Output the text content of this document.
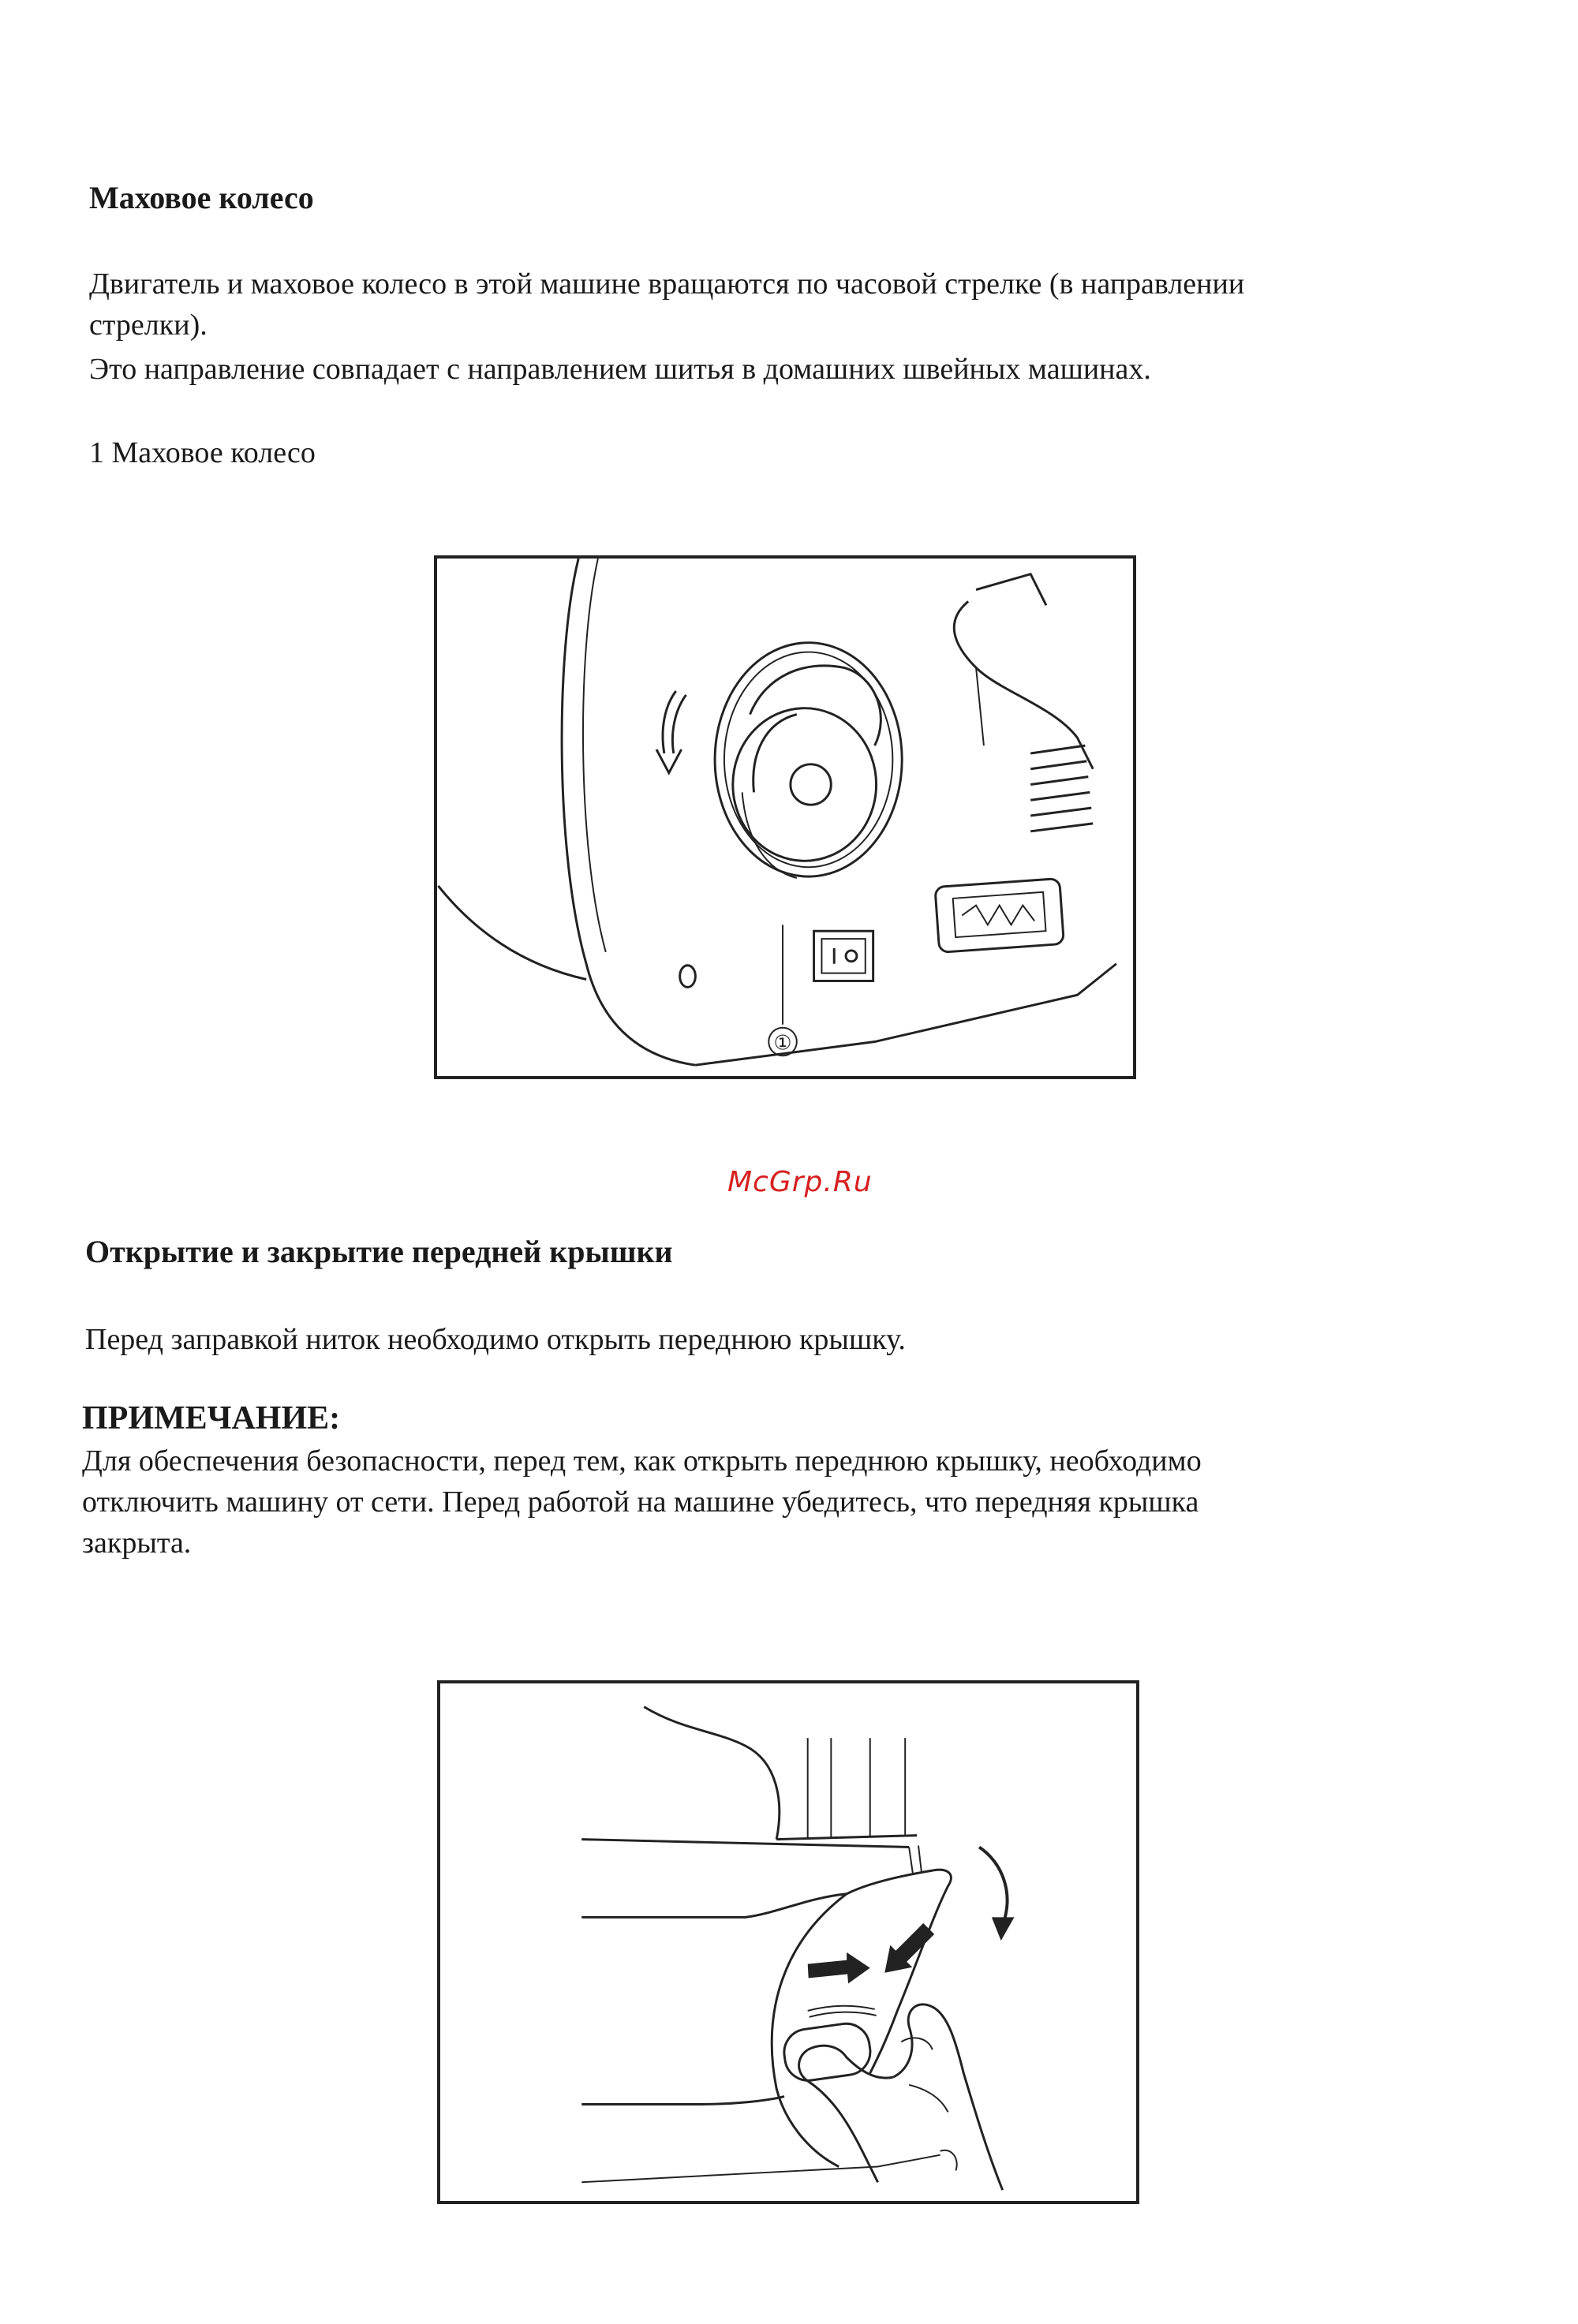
Маховое колесо
Двигатель и маховое колесо в этой машине вращаются по часовой стрелке (в направлении
стрелки).
Это направление совпадает с направлением шитья в домашних швейных машинах.
1 Маховое колесо
①
McGrp.Ru
Открытие и закрытие передней крышки
Перед заправкой ниток необходимо открыть переднюю крышку.
ПРИМЕЧАНИЕ:
Для обеспечения безопасности, перед тем, как открыть переднюю крышку, необходимо
отключить машину от сети. Перед работой на машине убедитесь, что передняя крышка
закрыта.
